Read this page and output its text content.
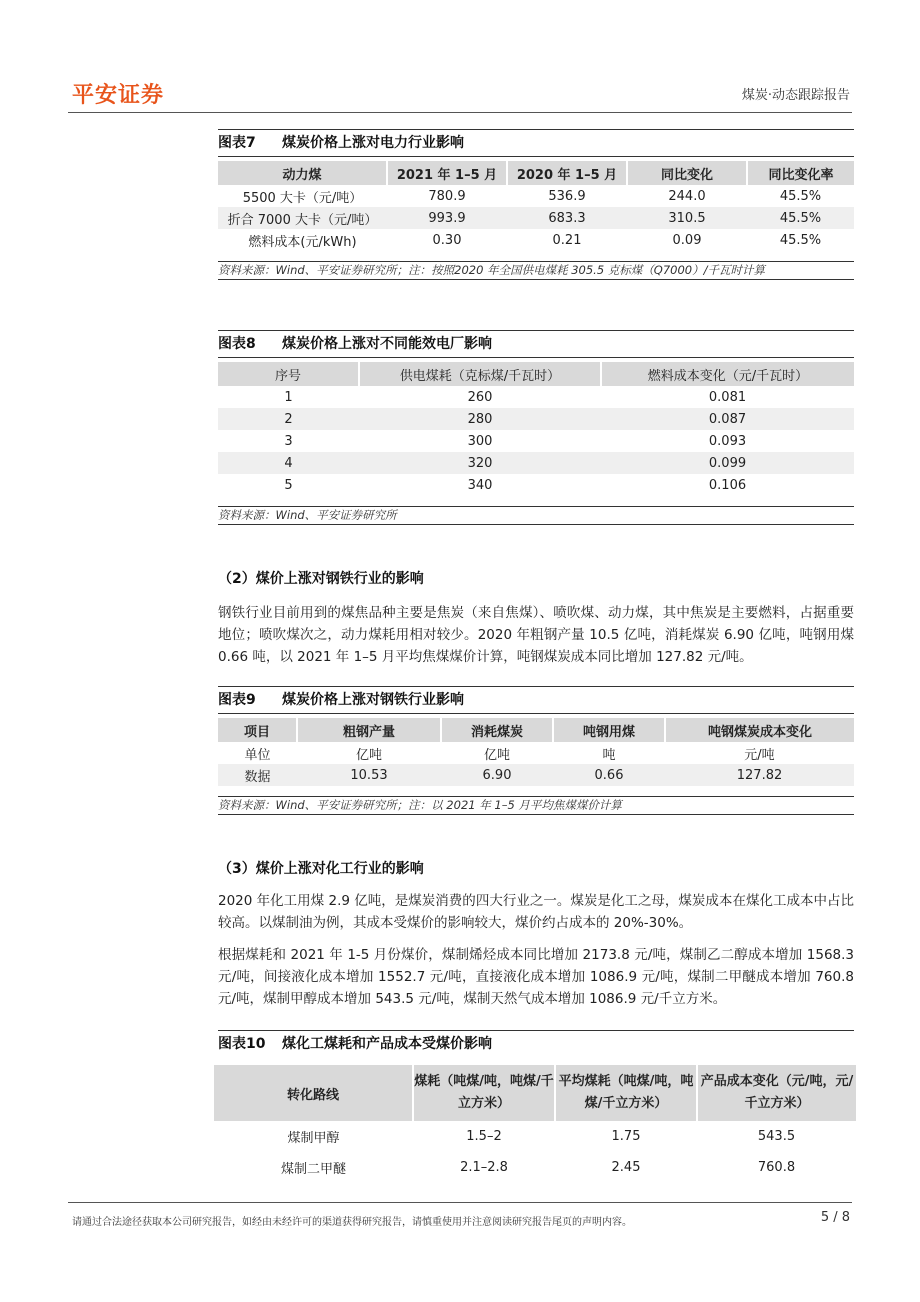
平安证券	煤炭·动态跟踪报告
图表7 煤炭价格上涨对电力行业影响
动力煤	2021 年 1–5 月	2020 年 1–5 月	同比变化	同比变化率
5500 大卡（元/吨）	780.9	536.9	244.0	45.5%
折合 7000 大卡（元/吨）	993.9	683.3	310.5	45.5%
燃料成本(元/kWh)	0.30	0.21	0.09	45.5%
资料来源：Wind、平安证券研究所；注：按照2020 年全国供电煤耗 305.5 克标煤（Q7000）/千瓦时计算
图表8 煤炭价格上涨对不同能效电厂影响
序号	供电煤耗（克标煤/千瓦时）	燃料成本变化（元/千瓦时）
1	260	0.081
2	280	0.087
3	300	0.093
4	320	0.099
5	340	0.106
资料来源：Wind、平安证券研究所
（2）煤价上涨对钢铁行业的影响
钢铁行业目前用到的煤焦品种主要是焦炭（来自焦煤）、喷吹煤、动力煤，其中焦炭是主要燃料，占据重要地位；喷吹煤次之，动力煤耗用相对较少。2020 年粗钢产量 10.5 亿吨，消耗煤炭 6.90 亿吨，吨钢用煤 0.66 吨，以 2021 年 1–5 月平均焦煤煤价计算，吨钢煤炭成本同比增加 127.82 元/吨。
图表9 煤炭价格上涨对钢铁行业影响
项目	粗钢产量	消耗煤炭	吨钢用煤	吨钢煤炭成本变化
单位	亿吨	亿吨	吨	元/吨
数据	10.53	6.90	0.66	127.82
资料来源：Wind、平安证券研究所；注：以 2021 年 1–5 月平均焦煤煤价计算
（3）煤价上涨对化工行业的影响
2020 年化工用煤 2.9 亿吨，是煤炭消费的四大行业之一。煤炭是化工之母，煤炭成本在煤化工成本中占比较高。以煤制油为例，其成本受煤价的影响较大，煤价约占成本的 20%-30%。
根据煤耗和 2021 年 1-5 月份煤价，煤制烯烃成本同比增加 2173.8 元/吨，煤制乙二醇成本增加 1568.3 元/吨，间接液化成本增加 1552.7 元/吨，直接液化成本增加 1086.9 元/吨，煤制二甲醚成本增加 760.8 元/吨，煤制甲醇成本增加 543.5 元/吨，煤制天然气成本增加 1086.9 元/千立方米。
图表10 煤化工煤耗和产品成本受煤价影响
转化路线	煤耗（吨煤/吨，吨煤/千立方米）	平均煤耗（吨煤/吨，吨煤/千立方米）	产品成本变化（元/吨，元/千立方米）
煤制甲醇	1.5–2	1.75	543.5
煤制二甲醚	2.1–2.8	2.45	760.8
请通过合法途径获取本公司研究报告，如经由未经许可的渠道获得研究报告，请慎重使用并注意阅读研究报告尾页的声明内容。	5 / 8
